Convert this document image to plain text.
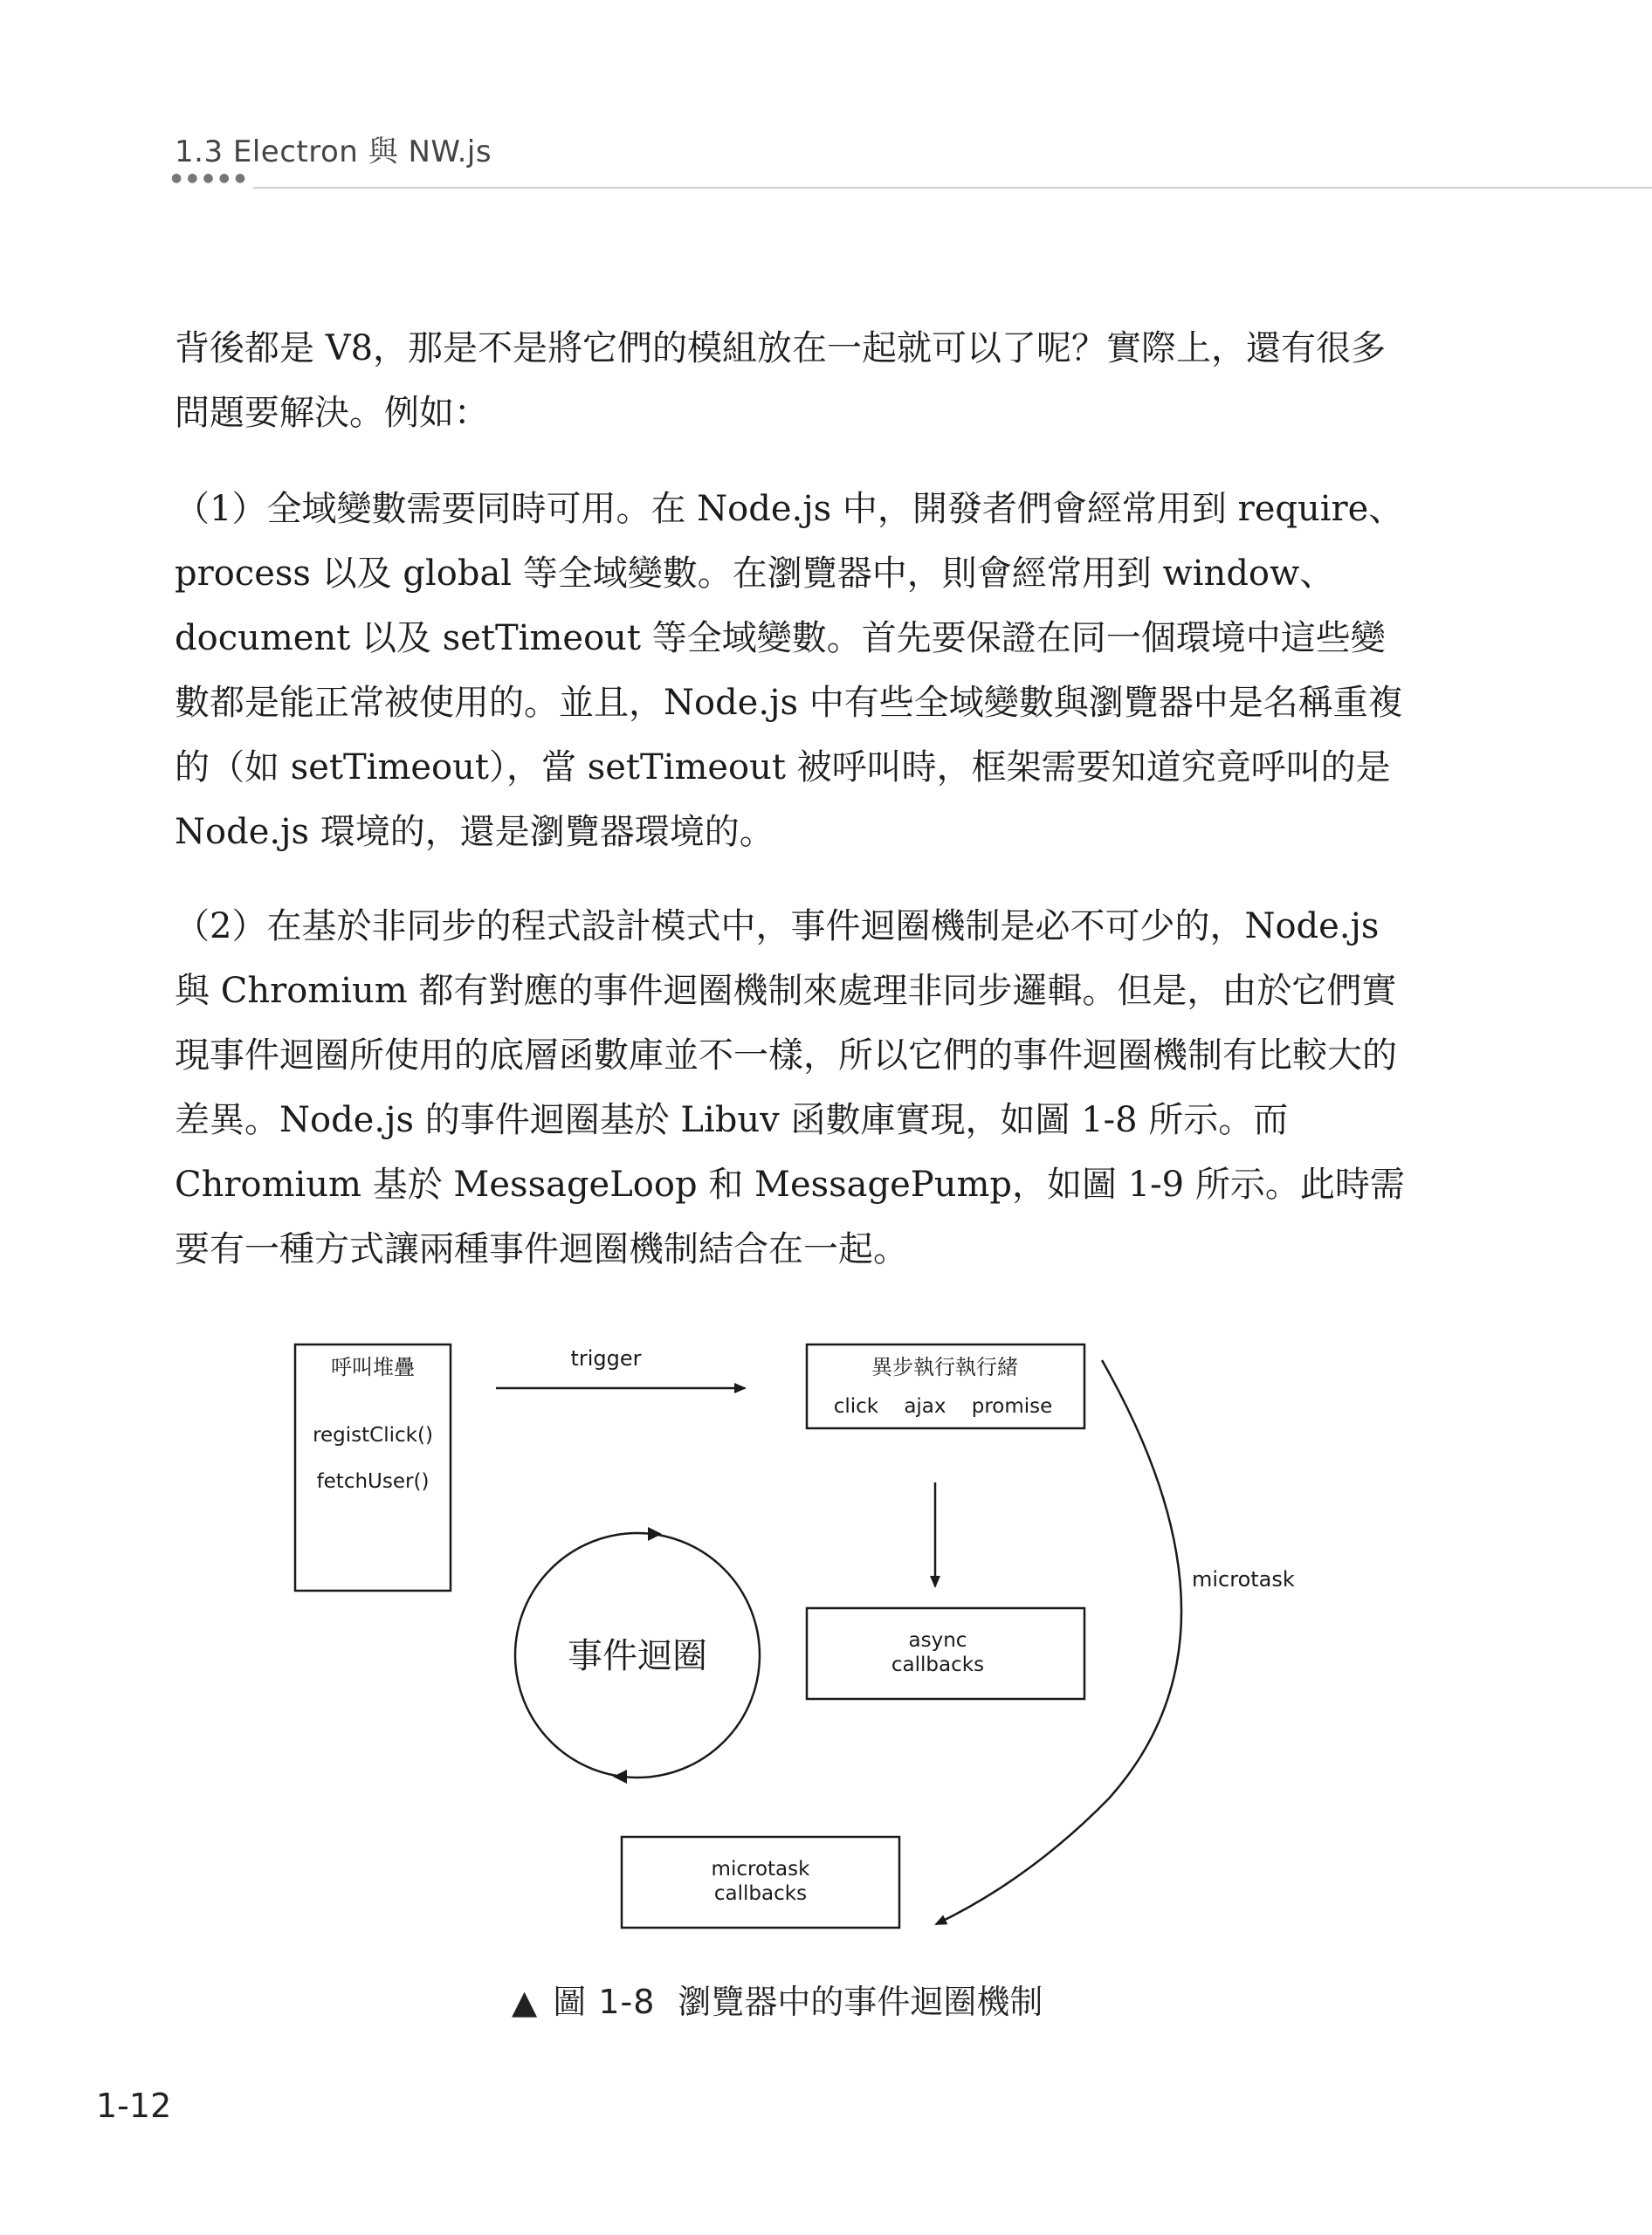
1.3 Electron 與 NW.js
●●●●●

背後都是 V8，那是不是將它們的模組放在一起就可以了呢？實際上，還有很多問題要解決。例如：

（1）全域變數需要同時可用。在 Node.js 中，開發者們會經常用到 require、process 以及 global 等全域變數。在瀏覽器中，則會經常用到 window、document 以及 setTimeout 等全域變數。首先要保證在同一個環境中這些變數都是能正常被使用的。並且，Node.js 中有些全域變數與瀏覽器中是名稱重複的（如 setTimeout），當 setTimeout 被呼叫時，框架需要知道究竟呼叫的是 Node.js 環境的，還是瀏覽器環境的。

（2）在基於非同步的程式設計模式中，事件迴圈機制是必不可少的，Node.js 與 Chromium 都有對應的事件迴圈機制來處理非同步邏輯。但是，由於它們實現事件迴圈所使用的底層函數庫並不一樣，所以它們的事件迴圈機制有比較大的差異。Node.js 的事件迴圈基於 Libuv 函數庫實現，如圖 1-8 所示。而 Chromium 基於 MessageLoop 和 MessagePump，如圖 1-9 所示。此時需要有一種方式讓兩種事件迴圈機制結合在一起。

呼叫堆疊
registClick()
fetchUser()
trigger	異步執行執行緒
click    ajax    promise
async
callbacks
事件迴圈
microtask
microtask
callbacks
▲ 圖 1-8 瀏覽器中的事件迴圈機制
1-12
